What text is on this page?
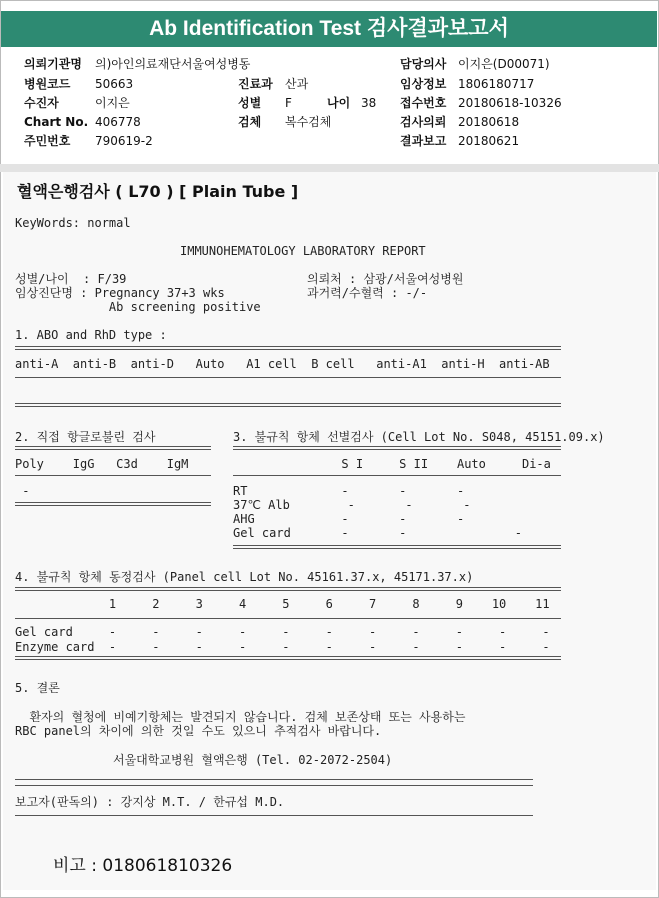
Ab Identification Test 검사결과보고서
의뢰기관명 의)아인의료재단서울여성병동
병원코드 50663
수진자	이지은
Chart No. 406778
주민번호 790619-2
진료과 산과
성별 F	나이 38
검체 복수검체
담당의사 이지은(D00071)
임상정보 1806180717
접수번호 20180618-10326
검사의뢰 20180618
결과보고 20180621
혈액은행검사 ( L70 ) [ Plain Tube ]
KeyWords: normal
IMMUNOHEMATOLOGY LABORATORY REPORT
성별/나이  : F/39
임상진단명 : Pregnancy 37+3 wks
Ab screening positive
의뢰처 : 삼광/서울여성병원
과거력/수혈력 : -/-
1. ABO and RhD type :
anti-A  anti-B  anti-D   Auto   A1 cell  B cell   anti-A1  anti-H  anti-AB
2. 직접 항글로불린 검사
Poly    IgG   C3d    IgM
-
3. 불규칙 항체 선별검사 (Cell Lot No. S048, 45151.09.x)
S I     S II    Auto     Di-a
RT             -       -       -
37℃ Alb        -       -       -
AHG            -       -       -
Gel card       -       -               -
4. 불규칙 항체 동정검사 (Panel cell Lot No. 45161.37.x, 45171.37.x)
1     2     3     4     5     6     7     8     9    10    11
Gel card     -     -     -     -     -     -     -     -     -     -     -
Enzyme card  -     -     -     -     -     -     -     -     -     -     -
5. 결론
환자의 혈청에 비예기항체는 발견되지 않습니다. 검체 보존상태 또는 사용하는
RBC panel의 차이에 의한 것일 수도 있으니 추적검사 바랍니다.
서울대학교병원 혈액은행 (Tel. 02-2072-2504)
보고자(판독의) : 강지상 M.T. / 한규섭 M.D.
비고 : 018061810326
